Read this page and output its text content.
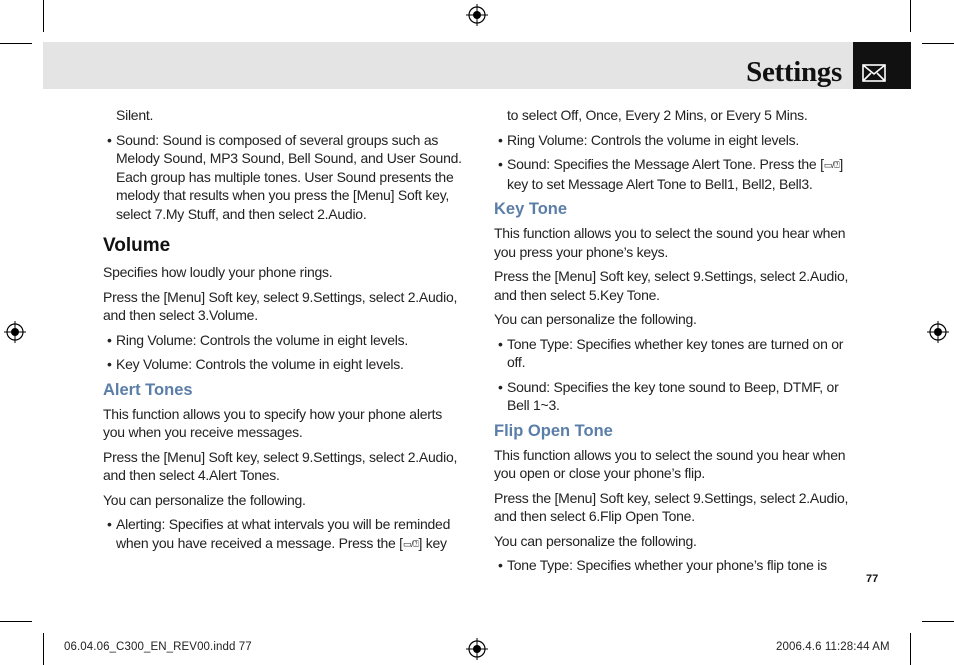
Settings
Silent.
• Sound: Sound is composed of several groups such as Melody Sound, MP3 Sound, Bell Sound, and User Sound. Each group has multiple tones. User Sound presents the melody that results when you press the [Menu] Soft key, select 7.My Stuff, and then select 2.Audio.
Volume
Specifies how loudly your phone rings.
Press the [Menu] Soft key, select 9.Settings, select 2.Audio, and then select 3.Volume.
• Ring Volume: Controls the volume in eight levels.
• Key Volume: Controls the volume in eight levels.
Alert Tones
This function allows you to specify how your phone alerts you when you receive messages.
Press the [Menu] Soft key, select 9.Settings, select 2.Audio, and then select 4.Alert Tones.
You can personalize the following.
• Alerting: Specifies at what intervals you will be reminded when you have received a message. Press the [▭/⍰] key
to select Off, Once, Every 2 Mins, or Every 5 Mins.
• Ring Volume: Controls the volume in eight levels.
• Sound: Specifies the Message Alert Tone. Press the [▭/⍰] key to set Message Alert Tone to Bell1, Bell2, Bell3.
Key Tone
This function allows you to select the sound you hear when you press your phone’s keys.
Press the [Menu] Soft key, select 9.Settings, select 2.Audio, and then select 5.Key Tone.
You can personalize the following.
• Tone Type: Specifies whether key tones are turned on or off.
• Sound: Specifies the key tone sound to Beep, DTMF, or Bell 1~3.
Flip Open Tone
This function allows you to select the sound you hear when you open or close your phone’s flip.
Press the [Menu] Soft key, select 9.Settings, select 2.Audio, and then select 6.Flip Open Tone.
You can personalize the following.
• Tone Type: Specifies whether your phone’s flip tone is
77
06.04.06_C300_EN_REV00.indd 77	2006.4.6 11:28:44 AM
